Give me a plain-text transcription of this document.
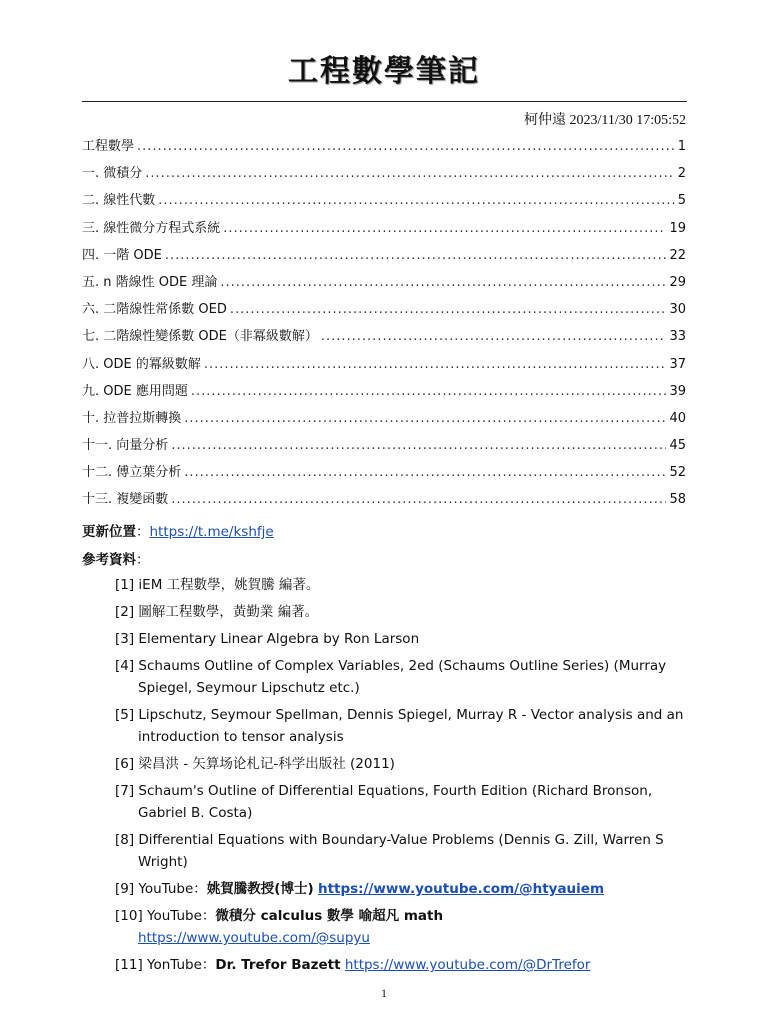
工程數學筆記
柯仲遠 2023/11/30 17:05:52
工程數學 .....	1
一. 微積分 .....	2
二. 線性代數 .....	5
三. 線性微分方程式系統 .....	19
四. 一階 ODE .....	22
五. n 階線性 ODE 理論 .....	29
六. 二階線性常係數 OED .....	30
七. 二階線性變係數 ODE（非冪級數解） .....	33
八. ODE 的冪級數解 .....	37
九. ODE 應用問題 .....	39
十. 拉普拉斯轉換 .....	40
十一. 向量分析 .....	45
十二. 傅立葉分析 .....	52
十三. 複變函數 .....	58
更新位置：https://t.me/kshfje
參考資料：
[1] iEM 工程數學，姚賀騰 編著。
[2] 圖解工程數學，黃勤業 編著。
[3] Elementary Linear Algebra by Ron Larson
[4] Schaums Outline of Complex Variables, 2ed (Schaums Outline Series) (Murray Spiegel, Seymour Lipschutz etc.)
[5] Lipschutz, Seymour Spellman, Dennis Spiegel, Murray R - Vector analysis and an introduction to tensor analysis
[6] 梁昌洪 - 矢算场论札记-科学出版社 (2011)
[7] Schaum's Outline of Differential Equations, Fourth Edition (Richard Bronson, Gabriel B. Costa)
[8] Differential Equations with Boundary-Value Problems (Dennis G. Zill, Warren S Wright)
[9] YouTube：姚賀騰教授(博士) https://www.youtube.com/@htyauiem
[10] YouTube：微積分 calculus 數學 喻超凡 math
https://www.youtube.com/@supyu
[11] YonTube：Dr. Trefor Bazett https://www.youtube.com/@DrTrefor
1
